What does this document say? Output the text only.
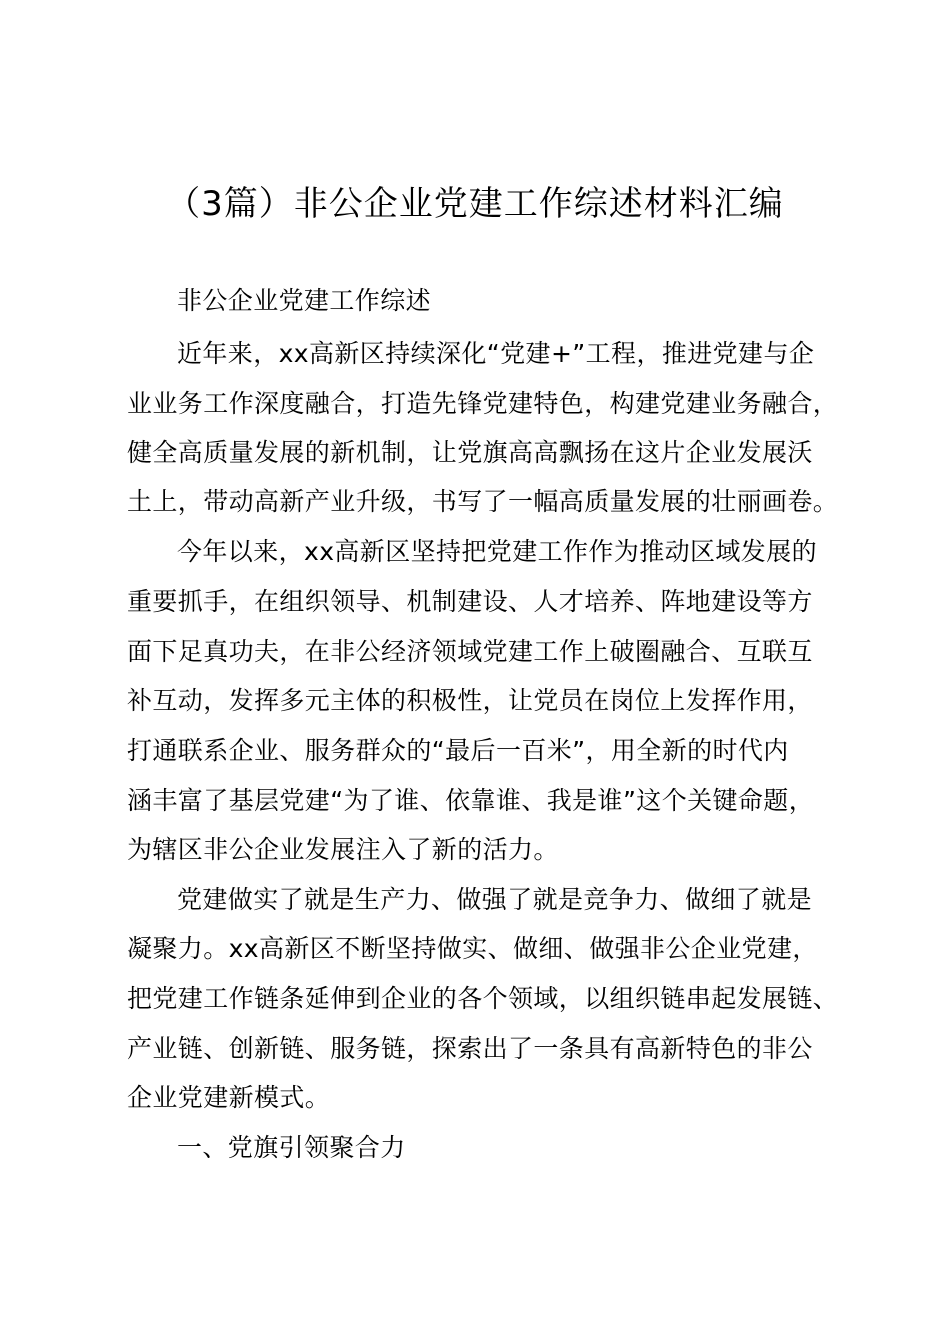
（3篇）非公企业党建工作综述材料汇编
非公企业党建工作综述
近年来，xx高新区持续深化“党建+”工程，推进党建与企
业业务工作深度融合，打造先锋党建特色，构建党建业务融合，
健全高质量发展的新机制，让党旗高高飘扬在这片企业发展沃
土上，带动高新产业升级，书写了一幅高质量发展的壮丽画卷。
今年以来，xx高新区坚持把党建工作作为推动区域发展的
重要抓手，在组织领导、机制建设、人才培养、阵地建设等方
面下足真功夫，在非公经济领域党建工作上破圈融合、互联互
补互动，发挥多元主体的积极性，让党员在岗位上发挥作用，
打通联系企业、服务群众的“最后一百米”，用全新的时代内
涵丰富了基层党建“为了谁、依靠谁、我是谁”这个关键命题，
为辖区非公企业发展注入了新的活力。
党建做实了就是生产力、做强了就是竞争力、做细了就是
凝聚力。xx高新区不断坚持做实、做细、做强非公企业党建，
把党建工作链条延伸到企业的各个领域，以组织链串起发展链、
产业链、创新链、服务链，探索出了一条具有高新特色的非公
企业党建新模式。
一、党旗引领聚合力
